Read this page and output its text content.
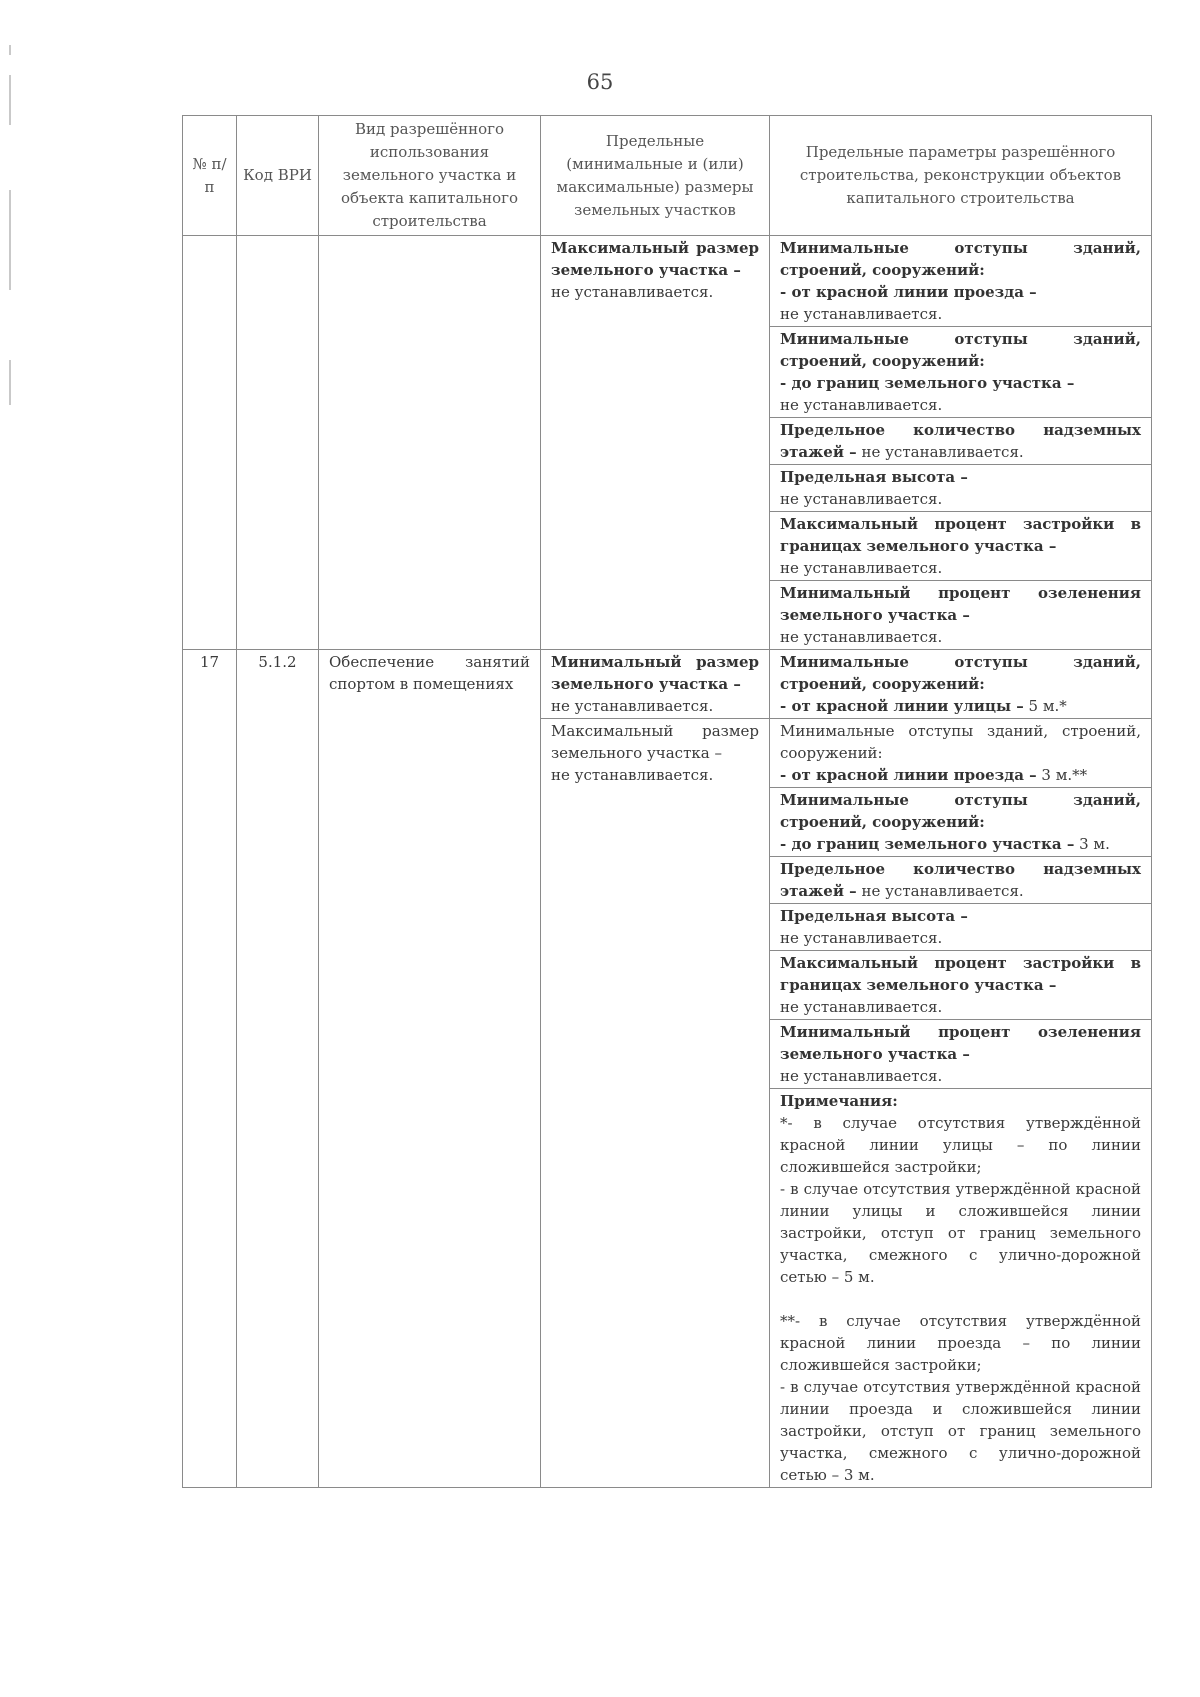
65
№ п/п	Код ВРИ	Вид разрешённого использования земельного участка и объекта капитального строительства	Предельные (минимальные и (или) максимальные) размеры земельных участков	Предельные параметры разрешённого строительства, реконструкции объектов капитального строительства
			Максимальный размер земельного участка –
не устанавливается.	Минимальные отступы зданий, строений, сооружений:
- от красной линии проезда –
не устанавливается.
				Минимальные отступы зданий, строений, сооружений:
- до границ земельного участка –
не устанавливается.
				Предельное количество надземных этажей – не устанавливается.
				Предельная высота –
не устанавливается.
				Максимальный процент застройки в границах земельного участка –
не устанавливается.
				Минимальный процент озеленения земельного участка –
не устанавливается.
17	5.1.2	Обеспечение занятий спортом в помещениях	Минимальный размер земельного участка –
не устанавливается.	Минимальные отступы зданий, строений, сооружений:
- от красной линии улицы – 5 м.*
			Максимальный размер земельного участка –
не устанавливается.	Минимальные отступы зданий, строений, сооружений:
- от красной линии проезда – 3 м.**
				Минимальные отступы зданий, строений, сооружений:
- до границ земельного участка – 3 м.
				Предельное количество надземных этажей – не устанавливается.
				Предельная высота –
не устанавливается.
				Максимальный процент застройки в границах земельного участка –
не устанавливается.
				Минимальный процент озеленения земельного участка –
не устанавливается.

				Примечания:
*- в случае отсутствия утверждённой красной линии улицы – по линии сложившейся застройки;
- в случае отсутствия утверждённой красной линии улицы и сложившейся линии застройки, отступ от границ земельного участка, смежного с улично-дорожной сетью – 5 м.
**- в случае отсутствия утверждённой красной линии проезда – по линии сложившейся застройки;
- в случае отсутствия утверждённой красной линии проезда и сложившейся линии застройки, отступ от границ земельного участка, смежного с улично-дорожной сетью – 3 м.
